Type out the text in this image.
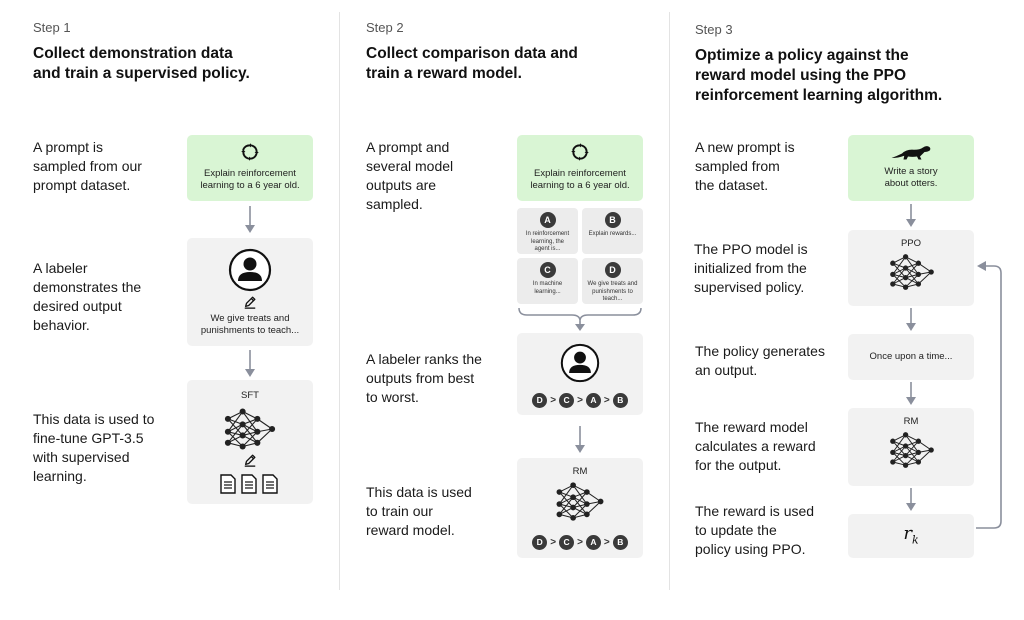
Step 1
Collect demonstration data
and train a supervised policy.
A prompt is
sampled from our
prompt dataset.
A labeler
demonstrates the
desired output
behavior.
This data is used to
fine-tune GPT-3.5
with supervised
learning.
Explain reinforcement
learning to a 6 year old.
We give treats and
punishments to teach...
SFT
Step 2
Collect comparison data and
train a reward model.
A prompt and
several model
outputs are
sampled.
A labeler ranks the
outputs from best
to worst.
This data is used
to train our
reward model.
Explain reinforcement
learning to a 6 year old.
A
In reinforcement
learning, the
agent is...
B
Explain rewards...
C
In machine
learning...
D
We give treats and
punishments to
teach...
D > C > A > B
RM
D > C > A > B
Step 3
Optimize a policy against the
reward model using the PPO
reinforcement learning algorithm.
A new prompt is
sampled from
the dataset.
The PPO model is
initialized from the
supervised policy.
The policy generates
an output.
The reward model
calculates a reward
for the output.
The reward is used
to update the
policy using PPO.
Write a story
about otters.
PPO
Once upon a time...
RM
$r_k$
